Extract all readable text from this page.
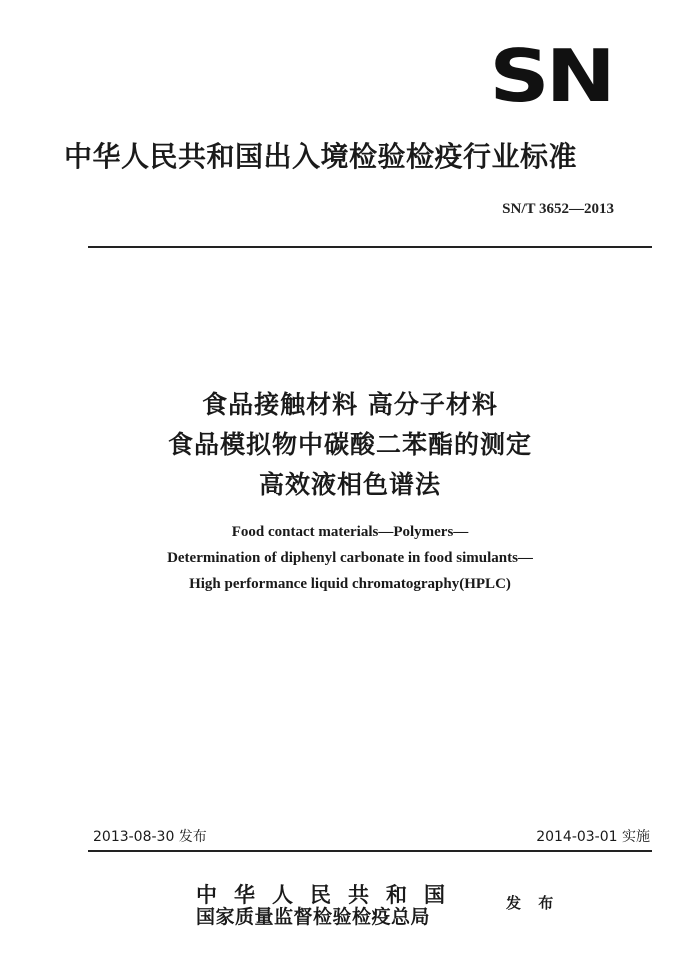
SN
中华人民共和国出入境检验检疫行业标准
SN/T 3652—2013
食品接触材料 高分子材料
食品模拟物中碳酸二苯酯的测定
高效液相色谱法
Food contact materials—Polymers—
Determination of diphenyl carbonate in food simulants—
High performance liquid chromatography(HPLC)
2013-08-30 发布	2014-03-01 实施
中华人民共和国
国家质量监督检验检疫总局
发 布
